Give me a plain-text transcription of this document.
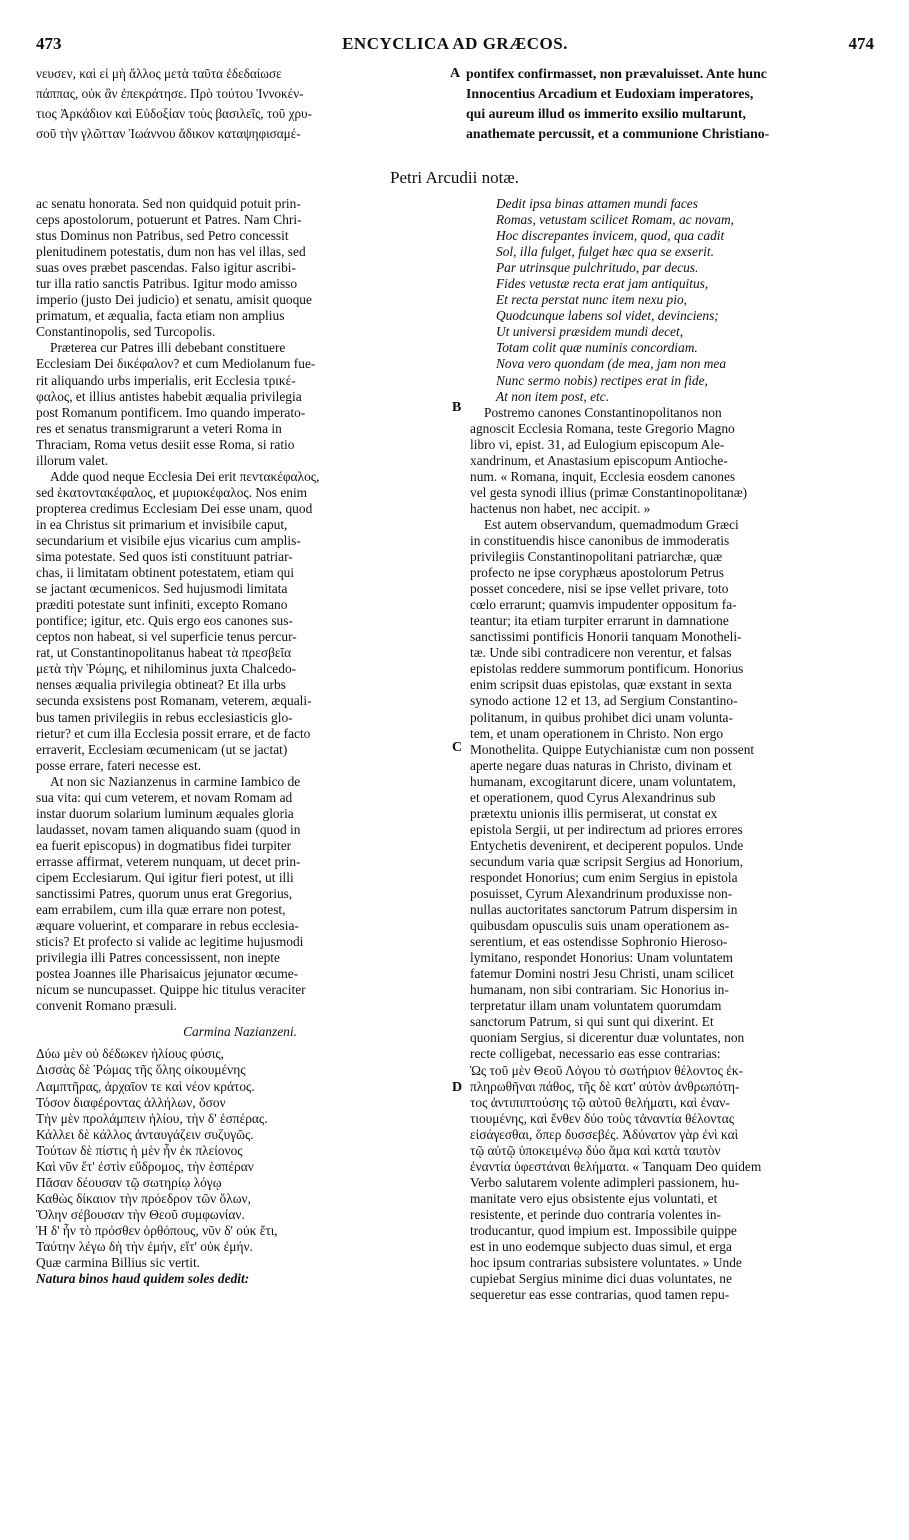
473	ENCYCLICA AD GRÆCOS.	474

νευσεν, καὶ εἰ μὴ ἄλλος μετὰ ταῦτα ἐδεδαίωσε

πάππας, οὐκ ἂν ἐπεκράτησε. Πρὸ τούτου Ἰννοκέν-

τιος Ἀρκάδιον καὶ Εὐδοξίαν τοὺς βασιλεῖς, τοῦ χρυ-

σοῦ τὴν γλῶτταν Ἰωάννου ἄδικον καταψηφισαμέ-

pontifex confirmasset, non prævaluisset. Ante hunc

Innocentius Arcadium et Eudoxiam imperatores,

qui aureum illud os immerito exsilio multarunt,

anathemate percussit, et a communione Christiano-

A
Petri Arcudii notæ.

ac senatu honorata. Sed non quidquid potuit prin-

ceps apostolorum, potuerunt et Patres. Nam Chri-

stus Dominus non Patribus, sed Petro concessit

plenitudinem potestatis, dum non has vel illas, sed

suas oves præbet pascendas. Falso igitur ascribi-

tur illa ratio sanctis Patribus. Igitur modo amisso

imperio (justo Dei judicio) et senatu, amisit quoque

primatum, et æqualia, facta etiam non amplius

Constantinopolis, sed Turcopolis.

Præterea cur Patres illi debebant constituere

Ecclesiam Dei δικέφαλον? et cum Mediolanum fue-

rit aliquando urbs imperialis, erit Ecclesia τρικέ-

φαλος, et illius antistes habebit æqualia privilegia

post Romanum pontificem. Imo quando imperato-

res et senatus transmigrarunt a veteri Roma in

Thraciam, Roma vetus desiit esse Roma, si ratio

illorum valet.

Adde quod neque Ecclesia Dei erit πεντακέφαλος,

sed ἑκατοντακέφαλος, et μυριοκέφαλος. Nos enim

propterea credimus Ecclesiam Dei esse unam, quod

in ea Christus sit primarium et invisibile caput,

secundarium et visibile ejus vicarius cum amplis-

sima potestate. Sed quos isti constituunt patriar-

chas, ii limitatam obtinent potestatem, etiam qui

se jactant œcumenicos. Sed hujusmodi limitata

præditi potestate sunt infiniti, excepto Romano

pontifice; igitur, etc. Quis ergo eos canones sus-

ceptos non habeat, si vel superficie tenus percur-

rat, ut Constantinopolitanus habeat τὰ πρεσβεῖα

μετὰ τὴν Ῥώμης, et nihilominus juxta Chalcedo-

nenses æqualia privilegia obtineat? Et illa urbs

secunda exsistens post Romanam, veterem, æquali-

bus tamen privilegiis in rebus ecclesiasticis glo-

rietur? et cum illa Ecclesia possit errare, et de facto

erraverit, Ecclesiam œcumenicam (ut se jactat)

posse errare, fateri necesse est.

At non sic Nazianzenus in carmine Iambico de

sua vita: qui cum veterem, et novam Romam ad

instar duorum solarium luminum æquales gloria

laudasset, novam tamen aliquando suam (quod in

ea fuerit episcopus) in dogmatibus fidei turpiter

errasse affirmat, veterem nunquam, ut decet prin-

cipem Ecclesiarum. Qui igitur fieri potest, ut illi

sanctissimi Patres, quorum unus erat Gregorius,

eam errabilem, cum illa quæ errare non potest,

æquare voluerint, et comparare in rebus ecclesia-

sticis? Et profecto si valide ac legitime hujusmodi

privilegia illi Patres concessissent, non inepte

postea Joannes ille Pharisaicus jejunator œcume-

nicum se nuncupasset. Quippe hic titulus veraciter

convenit Romano præsuli.

Carmina Nazianzeni.

Δύω μὲν οὐ δέδωκεν ἡλίους φύσις,

Δισσὰς δὲ Ῥώμας τῆς ὅλης οἰκουμένης

Λαμπτῆρας, ἀρχαῖον τε καὶ νέον κράτος.

Τόσον διαφέροντας ἀλλήλων, ὅσον

Τὴν μὲν προλάμπειν ἡλίου, τὴν δ' ἑσπέρας.

Κάλλει δὲ κάλλος ἀνταυγάζειν συζυγῶς.

Τούτων δὲ πίστις ἡ μὲν ἦν ἐκ πλείονος

Καὶ νῦν ἔτ' ἐστὶν εὔδρομος, τὴν ἑσπέραν

Πᾶσαν δέουσαν τῷ σωτηρίῳ λόγῳ

Καθὼς δίκαιον τὴν πρόεδρον τῶν ὅλων,

Ὅλην σέβουσαν τὴν Θεοῦ συμφωνίαν.

Ἡ δ' ἦν τὸ πρόσθεν ὀρθόπους, νῦν δ' οὐκ ἔτι,

Ταύτην λέγω δὴ τὴν ἐμήν, εἴτ' οὐκ ἐμήν.

Quæ carmina Billius sic vertit.

Natura binos haud quidem soles dedit:

B
C
D

Dedit ipsa binas attamen mundi faces

Romas, vetustam scilicet Romam, ac novam,

Hoc discrepantes invicem, quod, qua cadit

Sol, illa fulget, fulget hæc qua se exserit.

Par utrinsque pulchritudo, par decus.

Fides vetustæ recta erat jam antiquitus,

Et recta perstat nunc item nexu pio,

Quodcunque labens sol videt, devinciens;

Ut universi præsidem mundi decet,

Totam colit quæ numinis concordiam.

Nova vero quondam (de mea, jam non mea

Nunc sermo nobis) rectipes erat in fide,

At non item post, etc.

Postremo canones Constantinopolitanos non

agnoscit Ecclesia Romana, teste Gregorio Magno

libro vi, epist. 31, ad Eulogium episcopum Ale-

xandrinum, et Anastasium episcopum Antioche-

num. « Romana, inquit, Ecclesia eosdem canones

vel gesta synodi illius (primæ Constantinopolitanæ)

hactenus non habet, nec accipit. »

Est autem observandum, quemadmodum Græci

in constituendis hisce canonibus de immoderatis

privilegiis Constantinopolitani patriarchæ, quæ

profecto ne ipse coryphæus apostolorum Petrus

posset concedere, nisi se ipse vellet privare, toto

cœlo errarunt; quamvis impudenter oppositum fa-

teantur; ita etiam turpiter errarunt in damnatione

sanctissimi pontificis Honorii tanquam Monotheli-

tæ. Unde sibi contradicere non verentur, et falsas

epistolas reddere summorum pontificum. Honorius

enim scripsit duas epistolas, quæ exstant in sexta

synodo actione 12 et 13, ad Sergium Constantino-

politanum, in quibus prohibet dici unam volunta-

tem, et unam operationem in Christo. Non ergo

Monothelita. Quippe Eutychianistæ cum non possent

aperte negare duas naturas in Christo, divinam et

humanam, excogitarunt dicere, unam voluntatem,

et operationem, quod Cyrus Alexandrinus sub

prætextu unionis illis permiserat, ut constat ex

epistola Sergii, ut per indirectum ad priores errores

Entychetis devenirent, et deciperent populos. Unde

secundum varia quæ scripsit Sergius ad Honorium,

respondet Honorius; cum enim Sergius in epistola

posuisset, Cyrum Alexandrinum produxisse non-

nullas auctoritates sanctorum Patrum dispersim in

quibusdam opusculis suis unam operationem as-

serentium, et eas ostendisse Sophronio Hieroso-

lymitano, respondet Honorius: Unam voluntatem

fatemur Domini nostri Jesu Christi, unam scilicet

humanam, non sibi contrariam. Sic Honorius in-

terpretatur illam unam voluntatem quorumdam

sanctorum Patrum, si qui sunt qui dixerint. Et

quoniam Sergius, si dicerentur duæ voluntates, non

recte colligebat, necessario eas esse contrarias:

Ὡς τοῦ μὲν Θεοῦ Λόγου τὸ σωτήριον θέλοντος ἐκ-

πληρωθῆναι πάθος, τῆς δὲ κατ' αὐτὸν ἀνθρωπότη-

τος ἀντιπιπτούσης τῷ αὐτοῦ θελήματι, καὶ ἐναν-

τιουμένης, καὶ ἔνθεν δύο τοὺς τἀναντία θέλοντας

εἰσάγεσθαι, ὅπερ δυσσεβές. Ἀδύνατον γὰρ ἐνὶ καὶ

τῷ αὐτῷ ὑποκειμένῳ δύο ἅμα καὶ κατὰ ταυτὸν

ἐναντία ὑφεστάναι θελήματα. « Tanquam Deo quidem

Verbo salutarem volente adimpleri passionem, hu-

manitate vero ejus obsistente ejus voluntati, et

resistente, et perinde duo contraria volentes in-

troducantur, quod impium est. Impossibile quippe

est in uno eodemque subjecto duas simul, et erga

hoc ipsum contrarias subsistere voluntates. » Unde

cupiebat Sergius minime dici duas voluntates, ne

sequeretur eas esse contrarias, quod tamen repu-
